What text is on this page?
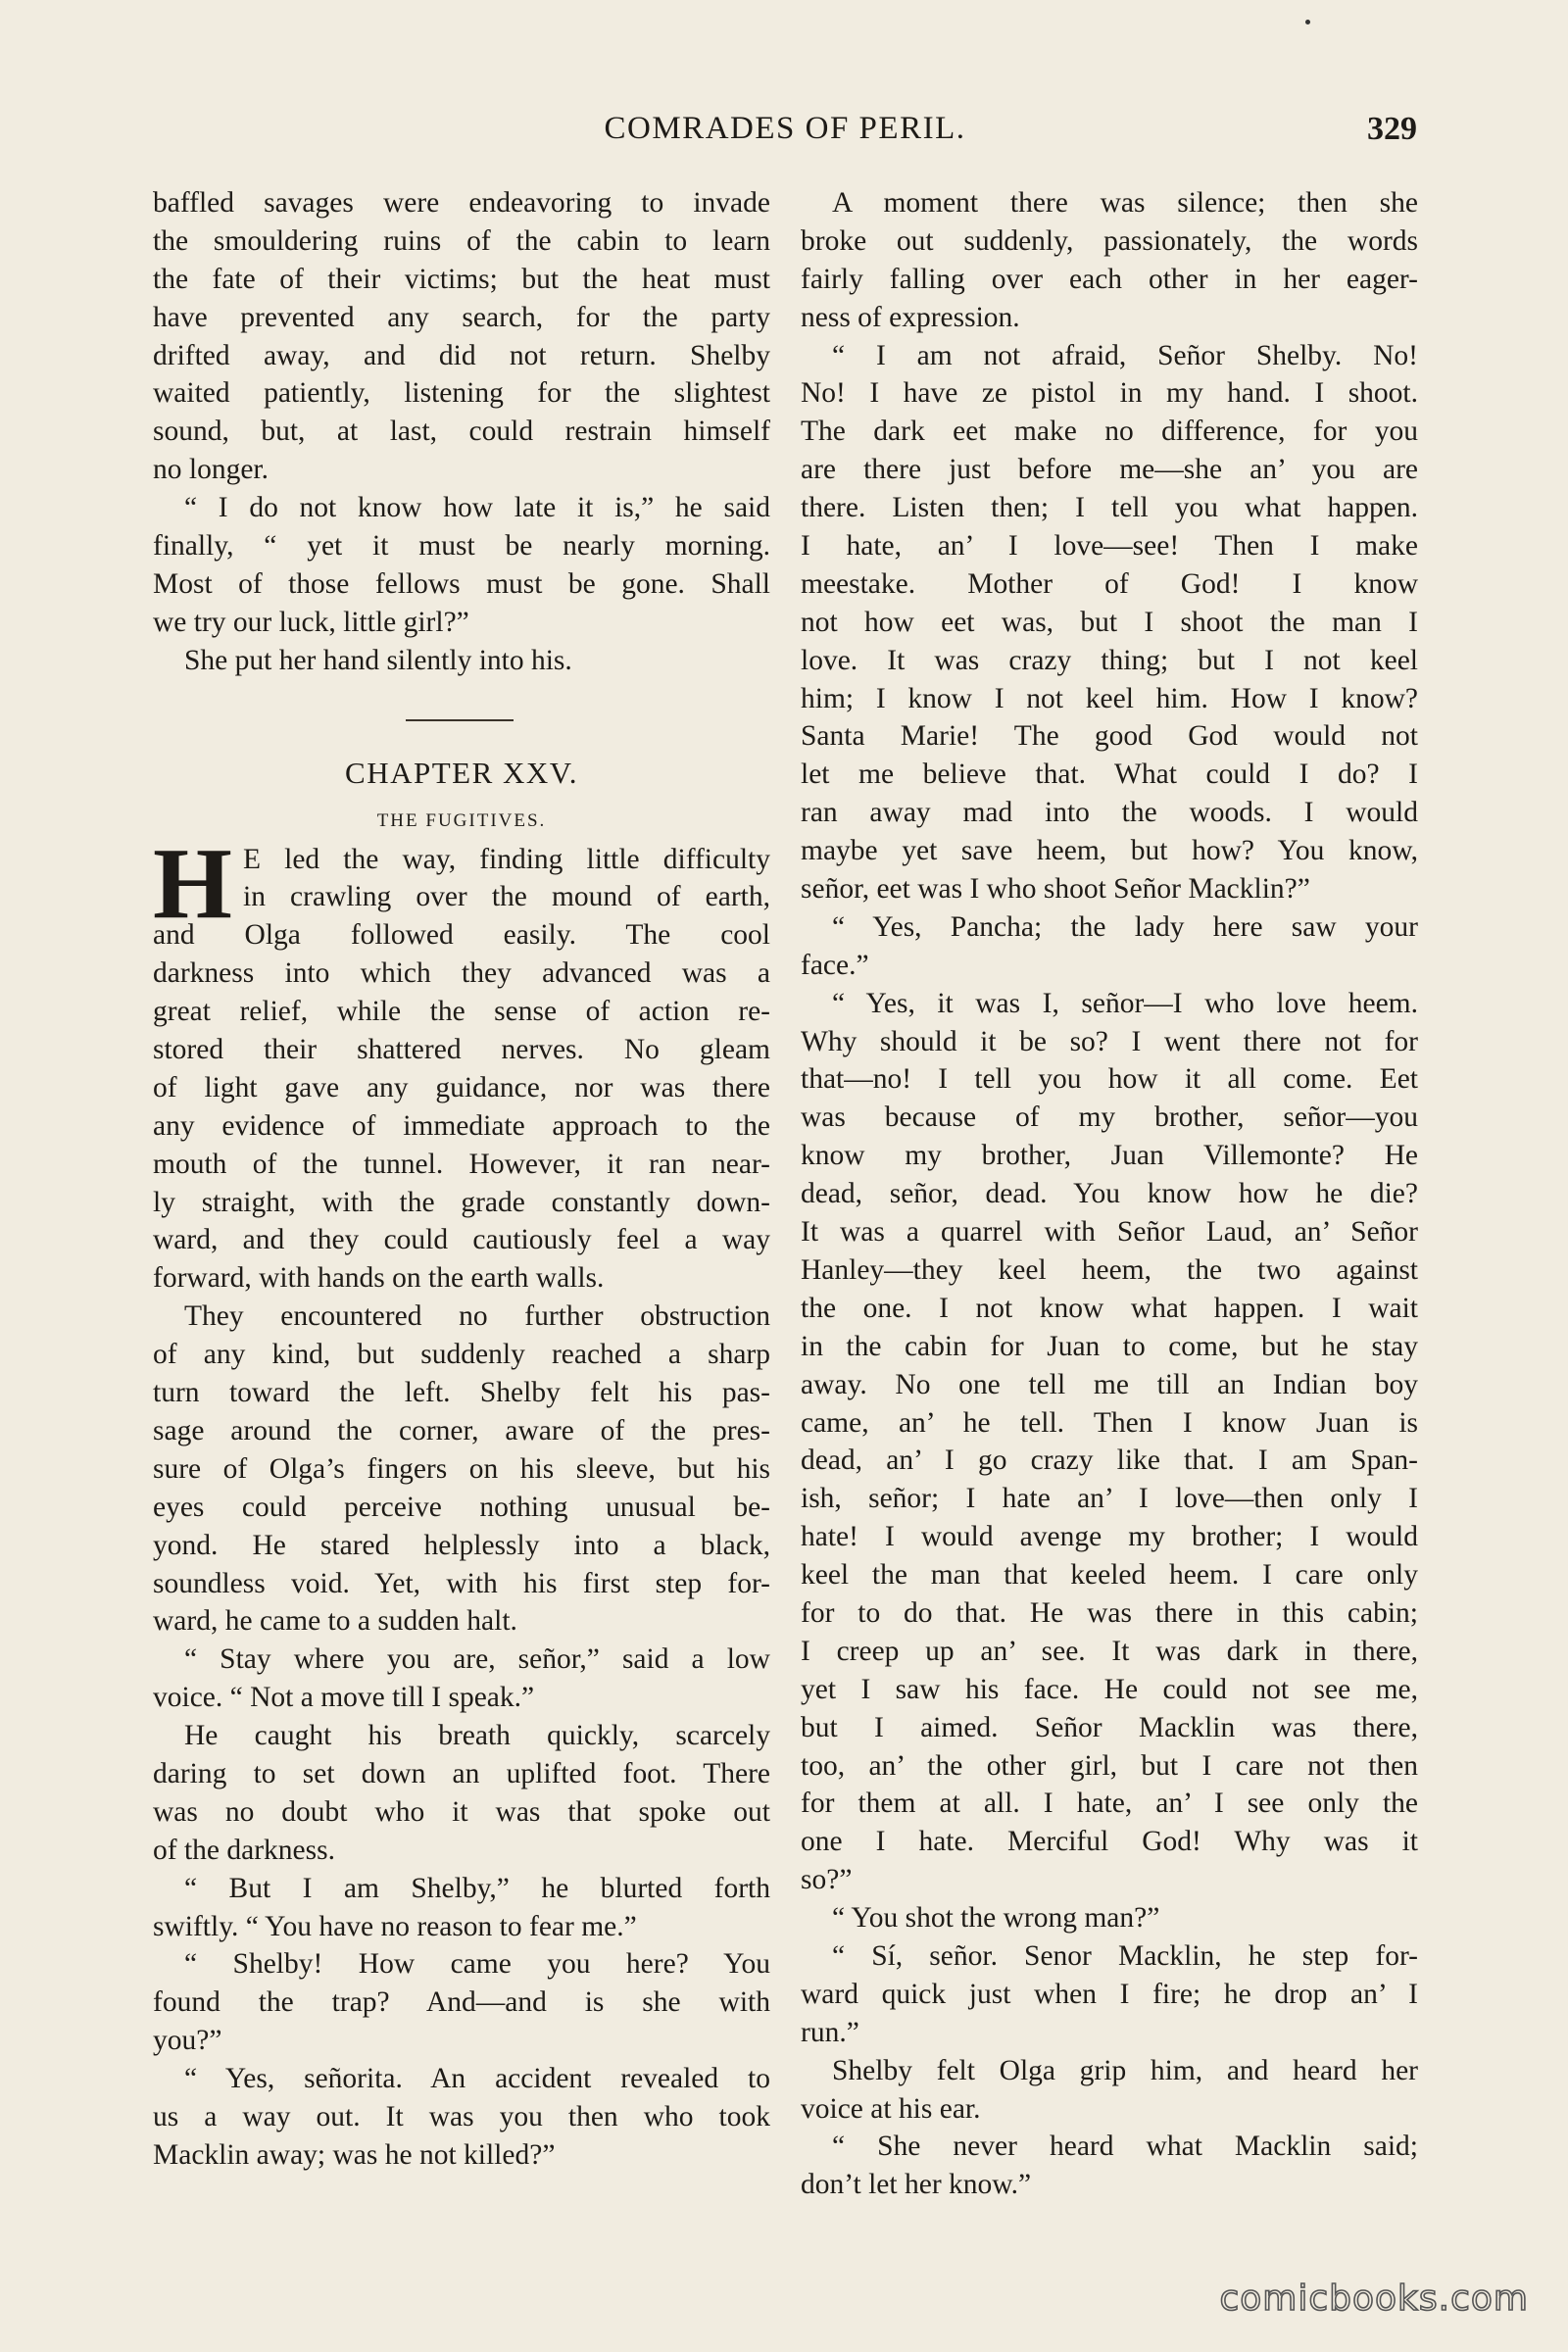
COMRADES OF PERIL.	329
baffled savages were endeavoring to invade
the smouldering ruins of the cabin to learn
the fate of their victims; but the heat must
have prevented any search, for the party
drifted away, and did not return. Shelby
waited patiently, listening for the slightest
sound, but, at last, could restrain himself
no longer.
“ I do not know how late it is,” he said
finally, “ yet it must be nearly morning.
Most of those fellows must be gone. Shall
we try our luck, little girl?”
She put her hand silently into his.
CHAPTER XXV.
THE FUGITIVES.
H E led the way, finding little difficulty
in crawling over the mound of earth,
and Olga followed easily. The cool
darkness into which they advanced was a
great relief, while the sense of action re-
stored their shattered nerves. No gleam
of light gave any guidance, nor was there
any evidence of immediate approach to the
mouth of the tunnel. However, it ran near-
ly straight, with the grade constantly down-
ward, and they could cautiously feel a way
forward, with hands on the earth walls.
They encountered no further obstruction
of any kind, but suddenly reached a sharp
turn toward the left. Shelby felt his pas-
sage around the corner, aware of the pres-
sure of Olga’s fingers on his sleeve, but his
eyes could perceive nothing unusual be-
yond. He stared helplessly into a black,
soundless void. Yet, with his first step for-
ward, he came to a sudden halt.
“ Stay where you are, señor,” said a low
voice. “ Not a move till I speak.”
He caught his breath quickly, scarcely
daring to set down an uplifted foot. There
was no doubt who it was that spoke out
of the darkness.
“ But I am Shelby,” he blurted forth
swiftly. “ You have no reason to fear me.”
“ Shelby! How came you here? You
found the trap? And—and is she with
you?”
“ Yes, señorita. An accident revealed to
us a way out. It was you then who took
Macklin away; was he not killed?”
A moment there was silence; then she
broke out suddenly, passionately, the words
fairly falling over each other in her eager-
ness of expression.
“ I am not afraid, Señor Shelby. No!
No! I have ze pistol in my hand. I shoot.
The dark eet make no difference, for you
are there just before me—she an’ you are
there. Listen then; I tell you what happen.
I hate, an’ I love—see! Then I make
meestake. Mother of God! I know
not how eet was, but I shoot the man I
love. It was crazy thing; but I not keel
him; I know I not keel him. How I know?
Santa Marie! The good God would not
let me believe that. What could I do? I
ran away mad into the woods. I would
maybe yet save heem, but how? You know,
señor, eet was I who shoot Señor Macklin?”
“ Yes, Pancha; the lady here saw your
face.”
“ Yes, it was I, señor—I who love heem.
Why should it be so? I went there not for
that—no! I tell you how it all come. Eet
was because of my brother, señor—you
know my brother, Juan Villemonte? He
dead, señor, dead. You know how he die?
It was a quarrel with Señor Laud, an’ Señor
Hanley—they keel heem, the two against
the one. I not know what happen. I wait
in the cabin for Juan to come, but he stay
away. No one tell me till an Indian boy
came, an’ he tell. Then I know Juan is
dead, an’ I go crazy like that. I am Span-
ish, señor; I hate an’ I love—then only I
hate! I would avenge my brother; I would
keel the man that keeled heem. I care only
for to do that. He was there in this cabin;
I creep up an’ see. It was dark in there,
yet I saw his face. He could not see me,
but I aimed. Señor Macklin was there,
too, an’ the other girl, but I care not then
for them at all. I hate, an’ I see only the
one I hate. Merciful God! Why was it
so?”
“ You shot the wrong man?”
“ Sí, señor. Senor Macklin, he step for-
ward quick just when I fire; he drop an’ I
run.”
Shelby felt Olga grip him, and heard her
voice at his ear.
“ She never heard what Macklin said;
don’t let her know.”
comicbooks.com
